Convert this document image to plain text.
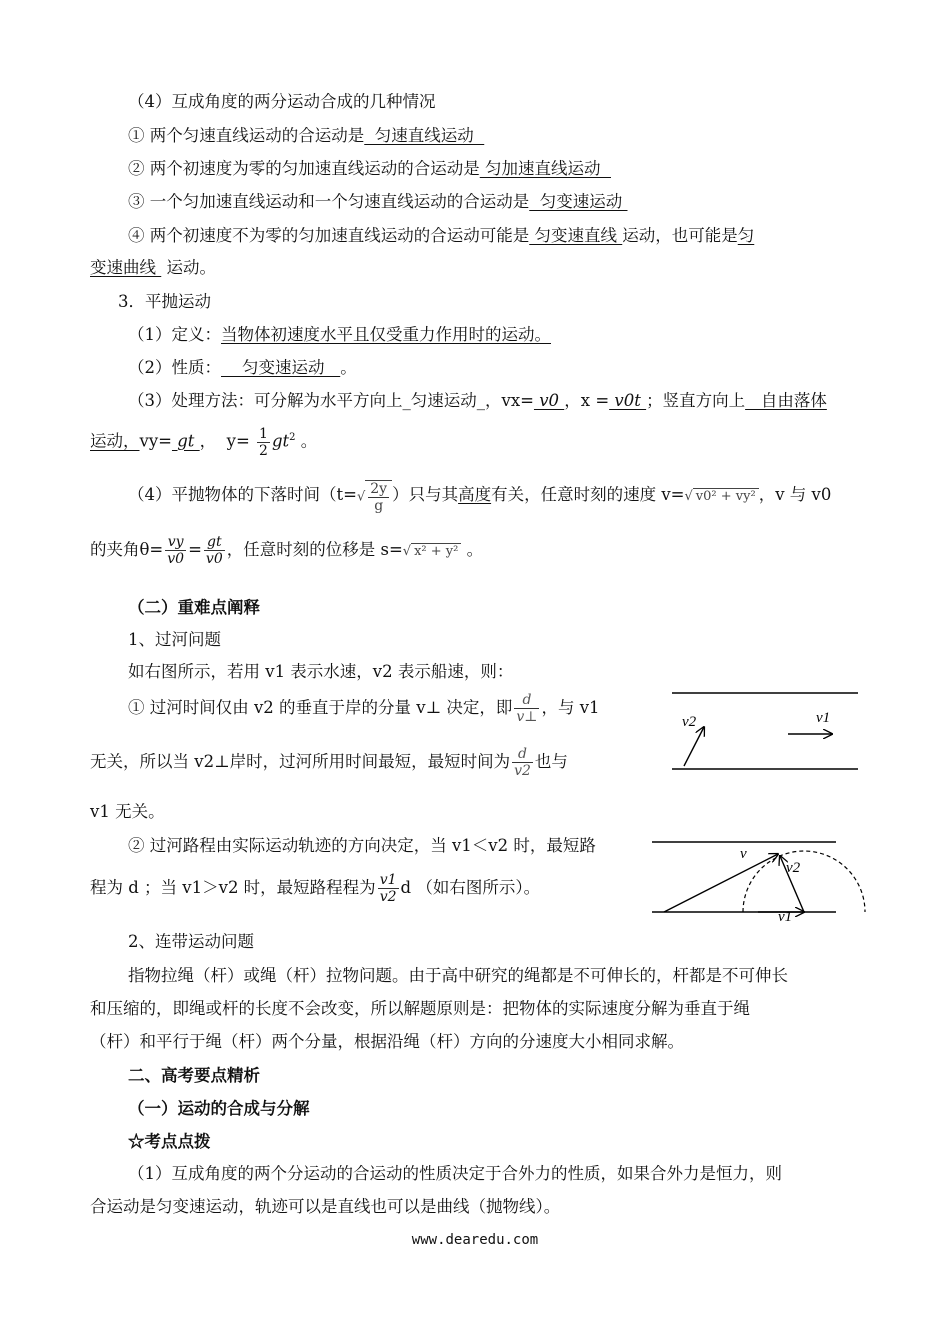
（4）互成角度的两分运动合成的几种情况
① 两个匀速直线运动的合运动是  匀速直线运动
② 两个初速度为零的匀加速直线运动的合运动是 匀加速直线运动
③ 一个匀加速直线运动和一个匀速直线运动的合运动是  匀变速运动
④ 两个初速度不为零的匀加速直线运动的合运动可能是 匀变速直线 运动，也可能是匀
变速曲线  运动。
3．平抛运动
（1）定义：当物体初速度水平且仅受重力作用时的运动。
（2）性质：    匀变速运动   。
（3）处理方法：可分解为水平方向上_匀速运动_，vx= v0 ，x = v0t ；竖直方向上   自由落体
运动，vy= gt ，  $y= \frac{1}{2} gt^2$ 。
（4）平抛物体的下落时间（$t=√ \frac{2y}{g}$ ）只与其高度有关，任意时刻的速度 v=√ v0² + vy² ，v 与 v0
的夹角$\theta= \frac{vy}{v0} = \frac{gt}{v0}$ ，任意时刻的位移是 s=√ x² + y² 。
（二）重难点阐释
1、过河问题
如右图所示，若用 v1 表示水速，v2 表示船速，则：
① 过河时间仅由 v2 的垂直于岸的分量 v⊥ 决定，即 $\frac{d}{v\perp}$ ，与 v1
无关，所以当 v2⊥岸时，过河所用时间最短，最短时间为 $\frac{d}{v2}$ 也与
v1 无关。
② 过河路程由实际运动轨迹的方向决定，当 v1＜v2 时，最短路
程为 d ；当 v1＞v2 时，最短路程程为 $\frac{v1}{v2}$ d （如右图所示）。
2、连带运动问题
指物拉绳（杆）或绳（杆）拉物问题。由于高中研究的绳都是不可伸长的，杆都是不可伸长
和压缩的，即绳或杆的长度不会改变，所以解题原则是：把物体的实际速度分解为垂直于绳
（杆）和平行于绳（杆）两个分量，根据沿绳（杆）方向的分速度大小相同求解。
二、高考要点精析
（一）运动的合成与分解
☆考点点拨
（1）互成角度的两个分运动的合运动的性质决定于合外力的性质，如果合外力是恒力，则
合运动是匀变速运动，轨迹可以是直线也可以是曲线（抛物线）。
v2	v1
v
v2
v1
www.dearedu.com
